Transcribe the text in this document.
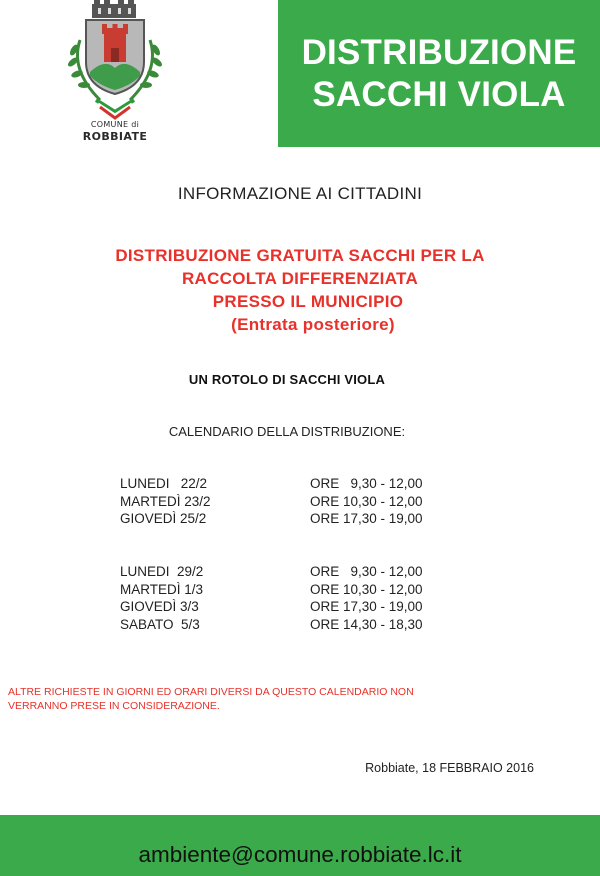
COMUNE di
ROBBIATE
DISTRIBUZIONE
SACCHI VIOLA
INFORMAZIONE AI CITTADINI
DISTRIBUZIONE GRATUITA SACCHI PER LA
RACCOLTA DIFFERENZIATA
PRESSO IL MUNICIPIO
(Entrata posteriore)
UN ROTOLO DI SACCHI VIOLA
CALENDARIO DELLA DISTRIBUZIONE:
LUNEDI   22/2	ORE   9,30 - 12,00
MARTEDÌ 23/2	ORE 10,30 - 12,00
GIOVEDÌ 25/2	ORE 17,30 - 19,00
LUNEDI  29/2	ORE   9,30 - 12,00
MARTEDÌ 1/3	ORE 10,30 - 12,00
GIOVEDÌ 3/3	ORE 17,30 - 19,00
SABATO  5/3	ORE 14,30 - 18,30
ALTRE RICHIESTE IN GIORNI ED ORARI DIVERSI DA QUESTO CALENDARIO NON
VERRANNO PRESE IN CONSIDERAZIONE.
Robbiate, 18 FEBBRAIO 2016
ambiente@comune.robbiate.lc.it
